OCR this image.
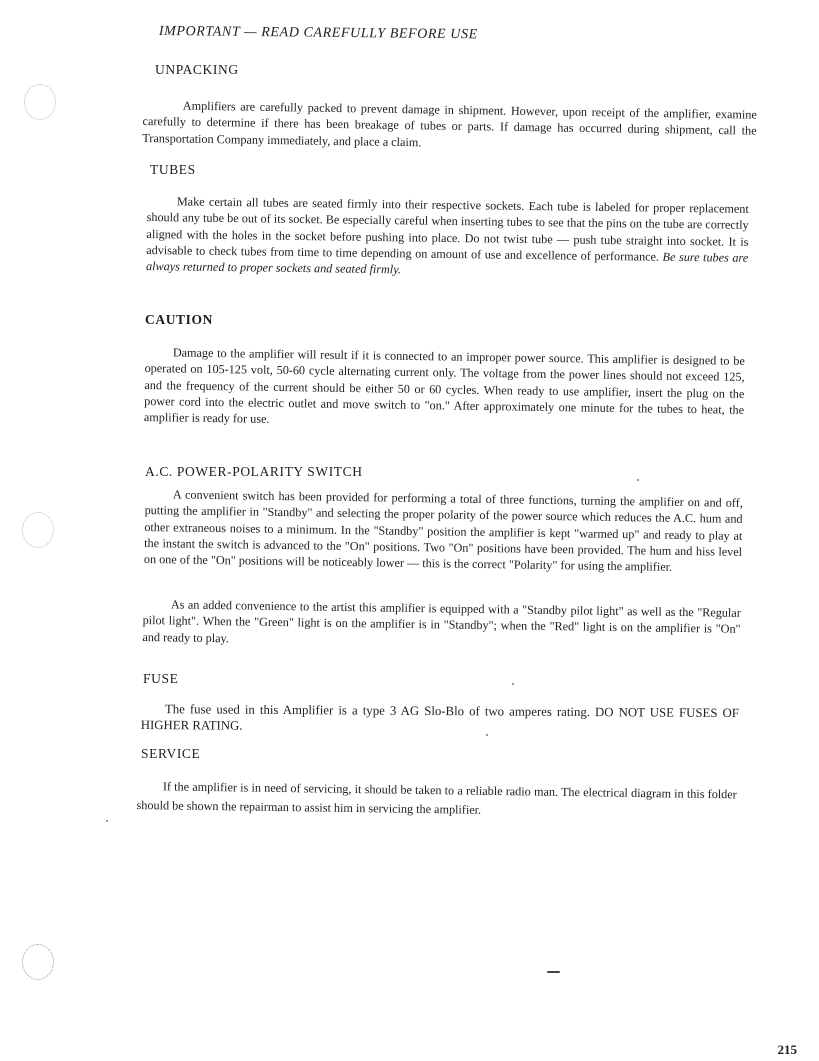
IMPORTANT — READ CAREFULLY BEFORE USE
UNPACKING
Amplifiers are carefully packed to prevent damage in shipment. However, upon receipt of the amplifier, examine carefully to determine if there has been breakage of tubes or parts. If damage has occurred during shipment, call the Transportation Company immediately, and place a claim.
TUBES
Make certain all tubes are seated firmly into their respective sockets. Each tube is labeled for proper replacement should any tube be out of its socket. Be especially careful when inserting tubes to see that the pins on the tube are correctly aligned with the holes in the socket before pushing into place. Do not twist tube — push tube straight into socket. It is advisable to check tubes from time to time depending on amount of use and excellence of performance. Be sure tubes are always returned to proper sockets and seated firmly.
CAUTION
Damage to the amplifier will result if it is connected to an improper power source. This amplifier is designed to be operated on 105-125 volt, 50-60 cycle alternating current only. The voltage from the power lines should not exceed 125, and the frequency of the current should be either 50 or 60 cycles. When ready to use amplifier, insert the plug on the power cord into the electric outlet and move switch to "on." After approximately one minute for the tubes to heat, the amplifier is ready for use.
A.C. POWER-POLARITY SWITCH
A convenient switch has been provided for performing a total of three functions, turning the amplifier on and off, putting the amplifier in "Standby" and selecting the proper polarity of the power source which reduces the A.C. hum and other extraneous noises to a minimum. In the "Standby" position the amplifier is kept "warmed up" and ready to play at the instant the switch is advanced to the "On" positions. Two "On" positions have been provided. The hum and hiss level on one of the "On" positions will be noticeably lower — this is the correct "Polarity" for using the amplifier.
As an added convenience to the artist this amplifier is equipped with a "Standby pilot light" as well as the "Regular pilot light". When the "Green" light is on the amplifier is in "Standby"; when the "Red" light is on the amplifier is "On" and ready to play.
FUSE
The fuse used in this Amplifier is a type 3 AG Slo-Blo of two amperes rating. DO NOT USE FUSES OF HIGHER RATING.
SERVICE
If the amplifier is in need of servicing, it should be taken to a reliable radio man. The electrical diagram in this folder should be shown the repairman to assist him in servicing the amplifier.
215
